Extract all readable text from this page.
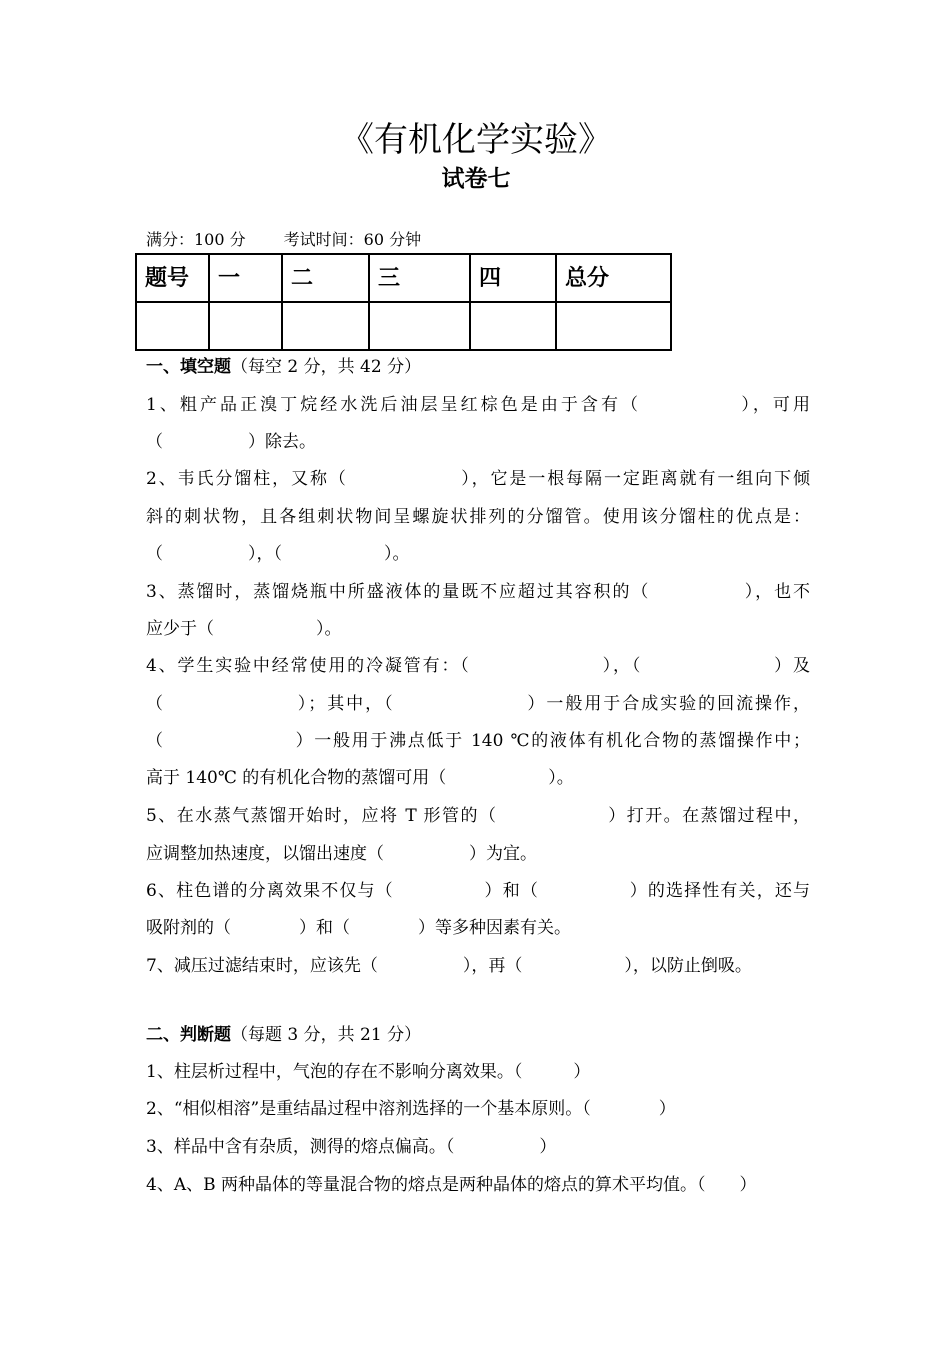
《有机化学实验》
试卷七
满分：100 分 考试时间：60 分钟
题号	一	二	三	四	总分

一、填空题（每空 2 分，共 42 分）
1、粗产品正溴丁烷经水洗后油层呈红棕色是由于含有（　　　　　），可用
（　　　　　）除去。
2、韦氏分馏柱，又称（　　　　　　），它是一根每隔一定距离就有一组向下倾
斜的刺状物，且各组刺状物间呈螺旋状排列的分馏管。使用该分馏柱的优点是：
（　　　　　），（　　　　　　）。
3、蒸馏时，蒸馏烧瓶中所盛液体的量既不应超过其容积的（　　　　　），也不
应少于（　　　　　　）。
4、学生实验中经常使用的冷凝管有：（　　　　　　　），（　　　　　　　）及
（　　　　　　　）；其中，（　　　　　　　）一般用于合成实验的回流操作，
（　　　　　　　）一般用于沸点低于 140 ℃的液体有机化合物的蒸馏操作中；
高于 140℃ 的有机化合物的蒸馏可用（　　　　　　）。
5、在水蒸气蒸馏开始时，应将 T 形管的（　　　　　　）打开。在蒸馏过程中，
应调整加热速度，以馏出速度（　　　　　）为宜。
6、柱色谱的分离效果不仅与（　　　　　）和（　　　　　）的选择性有关，还与
吸附剂的（　　　　）和（　　　　）等多种因素有关。
7、减压过滤结束时，应该先（　　　　　），再（　　　　　　），以防止倒吸。
二、判断题（每题 3 分，共 21 分）
1、柱层析过程中，气泡的存在不影响分离效果。（　　　）
2、“相似相溶”是重结晶过程中溶剂选择的一个基本原则。（　　　　）
3、样品中含有杂质，测得的熔点偏高。（　　　　　）
4、A、B 两种晶体的等量混合物的熔点是两种晶体的熔点的算术平均值。（　　）
